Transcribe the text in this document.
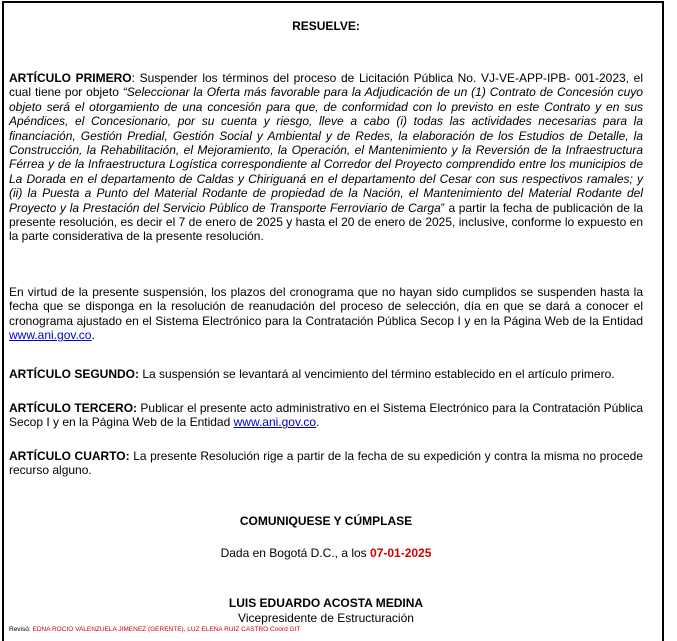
RESUELVE:

ARTÍCULO PRIMERO: Suspender los términos del proceso de Licitación Pública No. VJ-VE-APP-IPB- 001-2023, el cual tiene por objeto “Seleccionar la Oferta más favorable para la Adjudicación de un (1) Contrato de Concesión cuyo objeto será el otorgamiento de una concesión para que, de conformidad con lo previsto en este Contrato y en sus Apéndices, el Concesionario, por su cuenta y riesgo, lleve a cabo (i) todas las actividades necesarias para la financiación, Gestión Predial, Gestión Social y Ambiental y de Redes, la elaboración de los Estudios de Detalle, la Construcción, la Rehabilitación, el Mejoramiento, la Operación, el Mantenimiento y la Reversión de la Infraestructura Férrea y de la Infraestructura Logística correspondiente al Corredor del Proyecto comprendido entre los municipios de La Dorada en el departamento de Caldas y Chiriguaná en el departamento del Cesar con sus respectivos ramales; y (ii) la Puesta a Punto del Material Rodante de propiedad de la Nación, el Mantenimiento del Material Rodante del Proyecto y la Prestación del Servicio Público de Transporte Ferroviario de Carga” a partir la fecha de publicación de la presente resolución, es decir el 7 de enero de 2025 y hasta el 20 de enero de 2025, inclusive, conforme lo expuesto en la parte considerativa de la presente resolución.

En virtud de la presente suspensión, los plazos del cronograma que no hayan sido cumplidos se suspenden hasta la fecha que se disponga en la resolución de reanudación del proceso de selección, día en que se dará a conocer el cronograma ajustado en el Sistema Electrónico para la Contratación Pública Secop I y en la Página Web de la Entidad www.ani.gov.co.

ARTÍCULO SEGUNDO: La suspensión se levantará al vencimiento del término establecido en el artículo primero.

ARTÍCULO TERCERO: Publicar el presente acto administrativo en el Sistema Electrónico para la Contratación Pública Secop I y en la Página Web de la Entidad www.ani.gov.co.

ARTÍCULO CUARTO: La presente Resolución rige a partir de la fecha de su expedición y contra la misma no procede recurso alguno.

COMUNIQUESE Y CÚMPLASE
Dada en Bogotá D.C., a los 07-01-2025
LUIS EDUARDO ACOSTA MEDINA
Vicepresidente de Estructuración
Revisó: EDNA ROCIO VALENZUELA JIMENEZ (GERENTE), LUZ ELENA RUIZ CASTRO Coord GIT
